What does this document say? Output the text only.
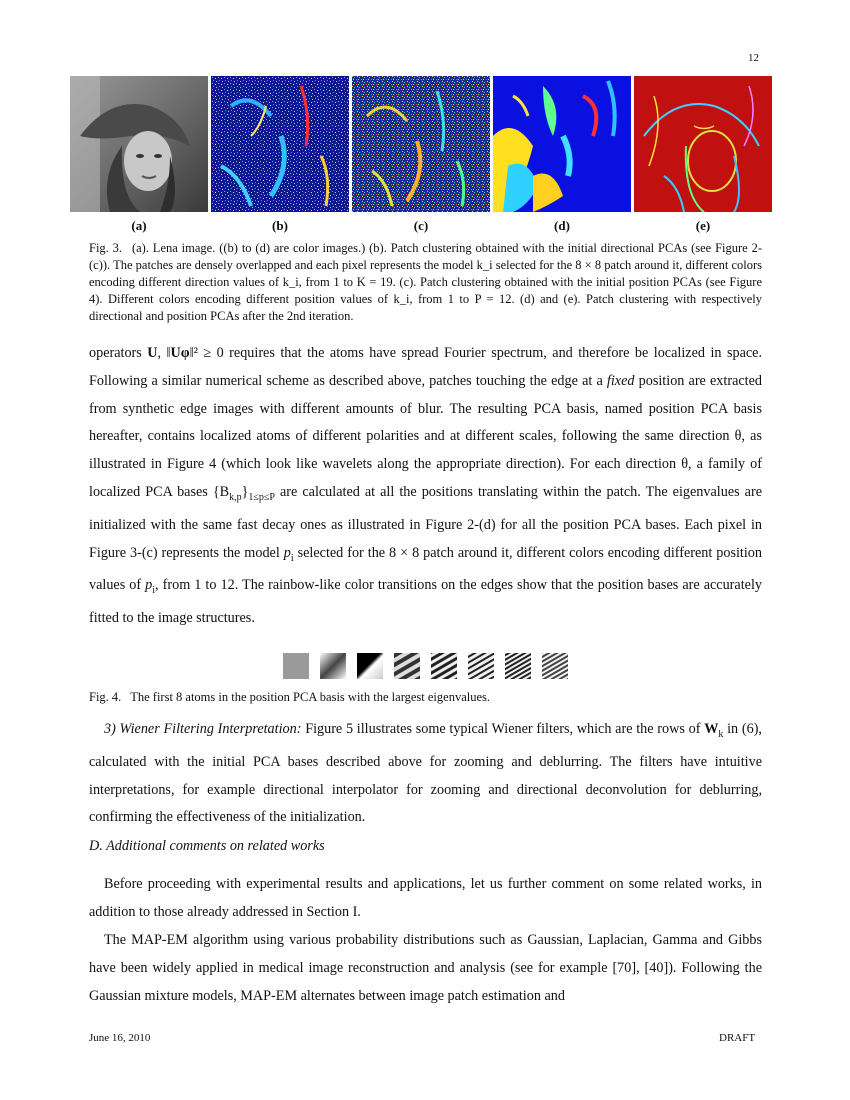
12
(a)	(b)	(c)	(d)	(e)
Fig. 3. (a). Lena image. ((b) to (d) are color images.) (b). Patch clustering obtained with the initial directional PCAs (see Figure 2-(c)). The patches are densely overlapped and each pixel represents the model k_i selected for the 8 × 8 patch around it, different colors encoding different direction values of k_i, from 1 to K = 19. (c). Patch clustering obtained with the initial position PCAs (see Figure 4). Different colors encoding different position values of k_i, from 1 to P = 12. (d) and (e). Patch clustering with respectively directional and position PCAs after the 2nd iteration.

operators U, ‖Uφ‖² ≥ 0 requires that the atoms have spread Fourier spectrum, and therefore be localized in space. Following a similar numerical scheme as described above, patches touching the edge at a fixed position are extracted from synthetic edge images with different amounts of blur. The resulting PCA basis, named position PCA basis hereafter, contains localized atoms of different polarities and at different scales, following the same direction θ, as illustrated in Figure 4 (which look like wavelets along the appropriate direction). For each direction θ, a family of localized PCA bases $\{B_{k,p}\}_{1\le p\le P}$ are calculated at all the positions translating within the patch. The eigenvalues are initialized with the same fast decay ones as illustrated in Figure 2-(d) for all the position PCA bases. Each pixel in Figure 3-(c) represents the model $p_i$ selected for the 8 × 8 patch around it, different colors encoding different position values of $p_i$, from 1 to 12. The rainbow-like color transitions on the edges show that the position bases are accurately fitted to the image structures.

Fig. 4. The first 8 atoms in the position PCA basis with the largest eigenvalues.
3) Wiener Filtering Interpretation: Figure 5 illustrates some typical Wiener filters, which are the rows of $W_k$ in (6), calculated with the initial PCA bases described above for zooming and deblurring. The filters have intuitive interpretations, for example directional interpolator for zooming and directional deconvolution for deblurring, confirming the effectiveness of the initialization.
D. Additional comments on related works
Before proceeding with experimental results and applications, let us further comment on some related works, in addition to those already addressed in Section I.
The MAP-EM algorithm using various probability distributions such as Gaussian, Laplacian, Gamma and Gibbs have been widely applied in medical image reconstruction and analysis (see for example [70], [40]). Following the Gaussian mixture models, MAP-EM alternates between image patch estimation and
June 16, 2010	DRAFT
